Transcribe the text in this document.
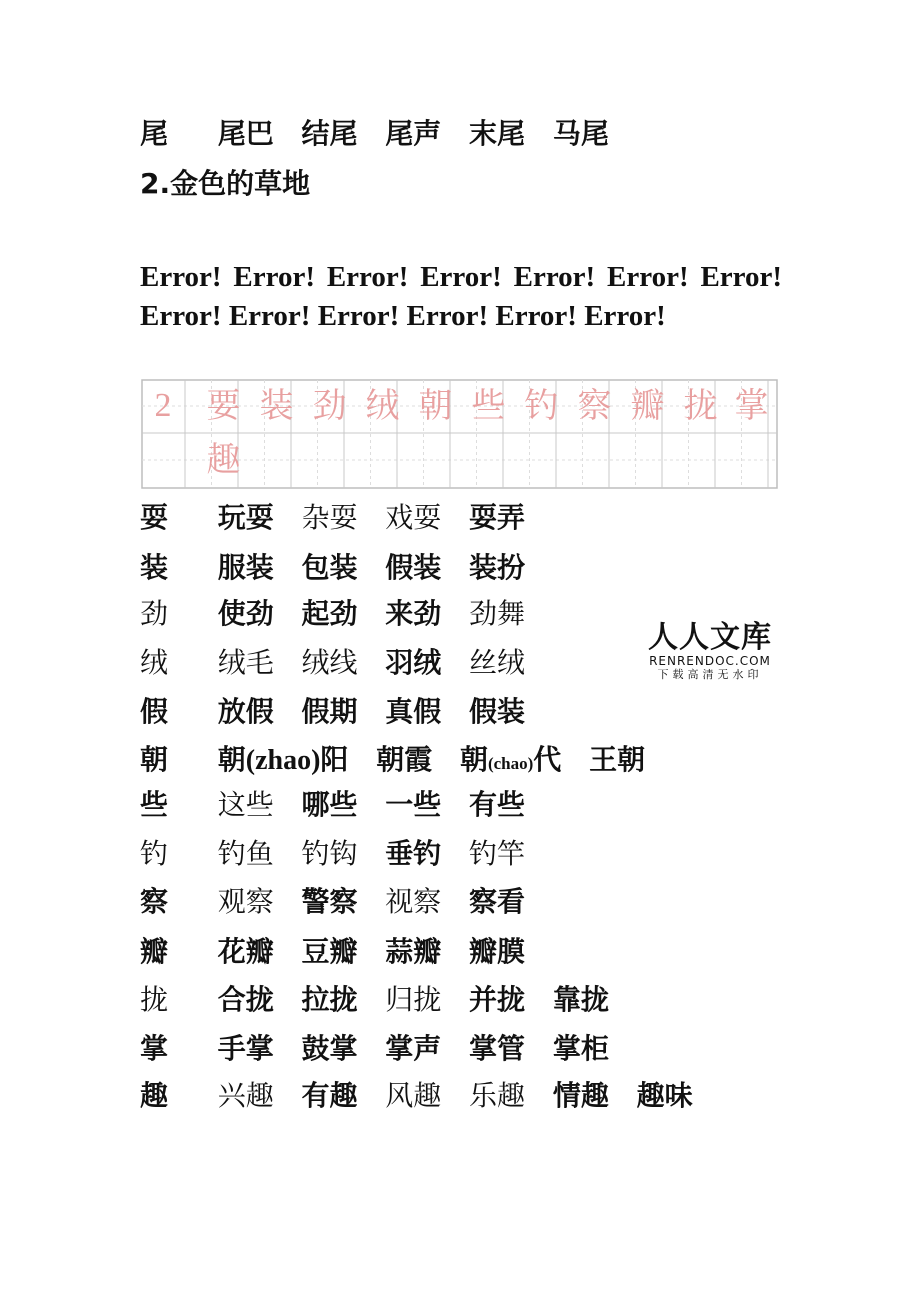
尾 尾巴 结尾 尾声 末尾 马尾
2.金色的草地
Error! Error! Error! Error! Error! Error! Error! Error! Error! Error! Error! Error! Error!
2	要 装 劲 绒 朝 些 钓 察 瓣 拢 掌
趣
耍 玩耍 杂耍 戏耍 耍弄
装 服装 包装 假装 装扮
劲 使劲 起劲 来劲 劲舞
绒 绒毛 绒线 羽绒 丝绒
假 放假 假期 真假 假装
朝 朝(zhao)阳 朝霞 朝(chao)代 王朝
些 这些 哪些 一些 有些
钓 钓鱼 钓钩 垂钓 钓竿
察 观察 警察 视察 察看
瓣 花瓣 豆瓣 蒜瓣 瓣膜
拢 合拢 拉拢 归拢 并拢 靠拢
掌 手掌 鼓掌 掌声 掌管 掌柜
趣 兴趣 有趣 风趣 乐趣 情趣 趣味
人人文库
RENRENDOC.COM
下载高清无水印
